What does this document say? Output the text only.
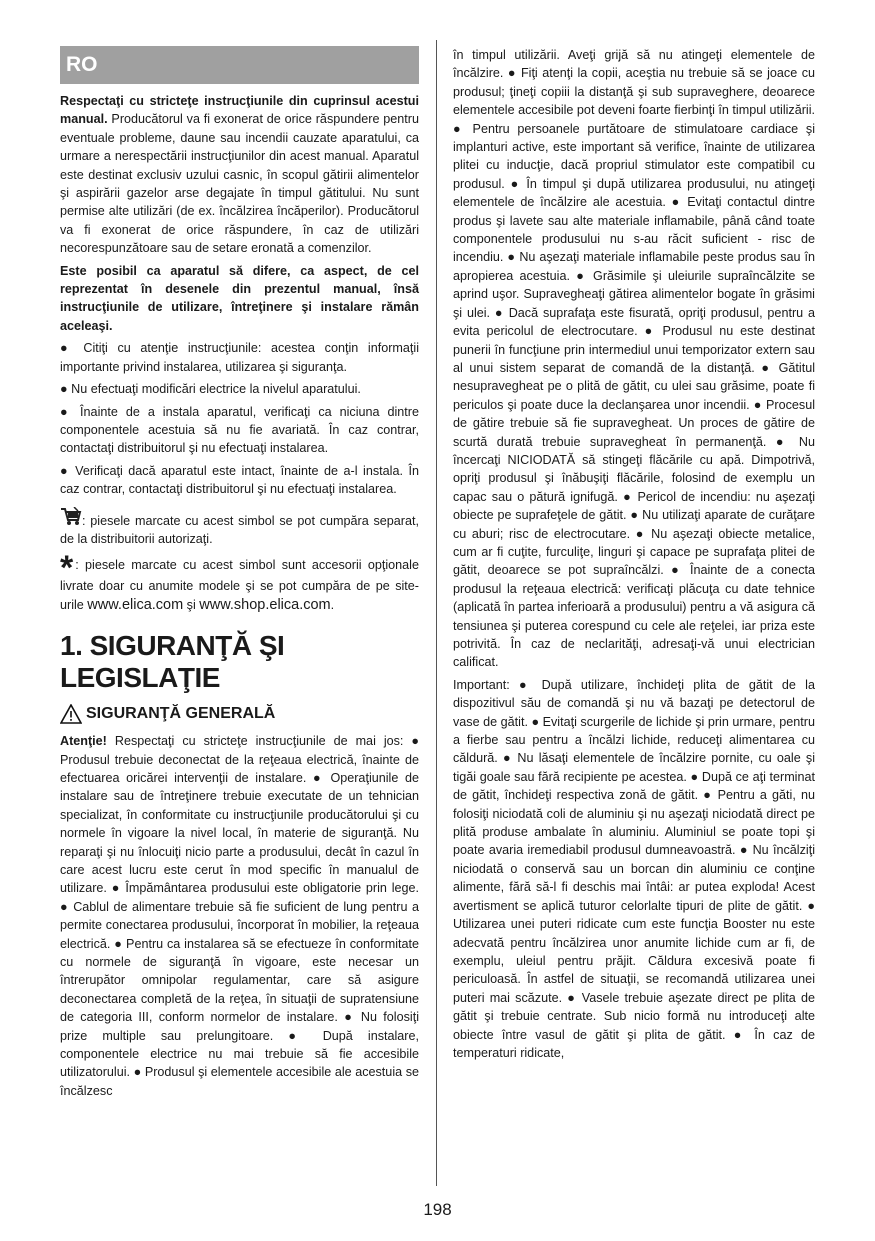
RO

Respectaţi cu stricteţe instrucţiunile din cuprinsul acestui manual. Producătorul va fi exonerat de orice răspundere pentru eventuale probleme, daune sau incendii cauzate aparatului, ca urmare a nerespectării instrucţiunilor din acest manual. Aparatul este destinat exclusiv uzului casnic, în scopul gătirii alimentelor şi aspirării gazelor arse degajate în timpul gătitului. Nu sunt permise alte utilizări (de ex. încălzirea încăperilor). Producătorul va fi exonerat de orice răspundere, în caz de utilizări necorespunzătoare sau de setare eronată a comenzilor.

Este posibil ca aparatul să difere, ca aspect, de cel reprezentat în desenele din prezentul manual, însă instrucţiunile de utilizare, întreţinere şi instalare rămân aceleaşi.

● Citiţi cu atenţie instrucţiunile: acestea conţin informaţii importante privind instalarea, utilizarea şi siguranţa.

● Nu efectuaţi modificări electrice la nivelul aparatului.

● Înainte de a instala aparatul, verificaţi ca niciuna dintre componentele acestuia să nu fie avariată. În caz contrar, contactaţi distribuitorul şi nu efectuaţi instalarea.

● Verificaţi dacă aparatul este intact, înainte de a-l instala. În caz contrar, contactaţi distribuitorul şi nu efectuaţi instalarea.

: piesele marcate cu acest simbol se pot cumpăra separat, de la distribuitorii autorizaţi.

* : piesele marcate cu acest simbol sunt accesorii opţionale livrate doar cu anumite modele şi se pot cumpăra de pe site-urile www.elica.com şi www.shop.elica.com.

1. SIGURANŢĂ ŞI LEGISLAŢIE
SIGURANŢĂ GENERALĂ

Atenţie! Respectaţi cu stricteţe instrucţiunile de mai jos: ● Produsul trebuie deconectat de la reţeaua electrică, înainte de efectuarea oricărei intervenţii de instalare. ● Operaţiunile de instalare sau de întreţinere trebuie executate de un tehnician specializat, în conformitate cu instrucţiunile producătorului şi cu normele în vigoare la nivel local, în materie de siguranţă. Nu reparaţi şi nu înlocuiţi nicio parte a produsului, decât în cazul în care acest lucru este cerut în mod specific în manualul de utilizare. ● Împământarea produsului este obligatorie prin lege. ● Cablul de alimentare trebuie să fie suficient de lung pentru a permite conectarea produsului, încorporat în mobilier, la reţeaua electrică. ● Pentru ca instalarea să se efectueze în conformitate cu normele de siguranţă în vigoare, este necesar un întrerupător omnipolar regulamentar, care să asigure deconectarea completă de la reţea, în situaţii de supratensiune de categoria III, conform normelor de instalare. ● Nu folosiţi prize multiple sau prelungitoare. ● După instalare, componentele electrice nu mai trebuie să fie accesibile utilizatorului. ● Produsul şi elementele accesibile ale acestuia se încălzesc

în timpul utilizării. Aveţi grijă să nu atingeţi elementele de încălzire. ● Fiţi atenţi la copii, aceştia nu trebuie să se joace cu produsul; ţineţi copiii la distanţă şi sub supraveghere, deoarece elementele accesibile pot deveni foarte fierbinţi în timpul utilizării. ● Pentru persoanele purtătoare de stimulatoare cardiace şi implanturi active, este important să verifice, înainte de utilizarea plitei cu inducţie, dacă propriul stimulator este compatibil cu produsul. ● În timpul şi după utilizarea produsului, nu atingeţi elementele de încălzire ale acestuia. ● Evitaţi contactul dintre produs şi lavete sau alte materiale inflamabile, până când toate componentele produsului nu s-au răcit suficient - risc de incendiu. ● Nu aşezaţi materiale inflamabile peste produs sau în apropierea acestuia. ● Grăsimile şi uleiurile supraîncălzite se aprind uşor. Supravegheaţi gătirea alimentelor bogate în grăsimi şi ulei. ● Dacă suprafaţa este fisurată, opriţi produsul, pentru a evita pericolul de electrocutare. ● Produsul nu este destinat punerii în funcţiune prin intermediul unui temporizator extern sau al unui sistem separat de comandă de la distanţă. ● Gătitul nesupravegheat pe o plită de gătit, cu ulei sau grăsime, poate fi periculos şi poate duce la declanşarea unor incendii. ● Procesul de gătire trebuie să fie supravegheat. Un proces de gătire de scurtă durată trebuie supravegheat în permanenţă. ● Nu încercaţi NICIODATĂ să stingeţi flăcările cu apă. Dimpotrivă, opriţi produsul şi înăbuşiţi flăcările, folosind de exemplu un capac sau o pătură ignifugă. ● Pericol de incendiu: nu aşezaţi obiecte pe suprafeţele de gătit. ● Nu utilizaţi aparate de curăţare cu aburi; risc de electrocutare. ● Nu aşezaţi obiecte metalice, cum ar fi cuţite, furculiţe, linguri şi capace pe suprafaţa plitei de gătit, deoarece se pot supraîncălzi. ● Înainte de a conecta produsul la reţeaua electrică: verificaţi plăcuţa cu date tehnice (aplicată în partea inferioară a produsului) pentru a vă asigura că tensiunea şi puterea corespund cu cele ale reţelei, iar priza este potrivită. În caz de neclarităţi, adresaţi-vă unui electrician calificat.

Important: ● După utilizare, închideţi plita de gătit de la dispozitivul său de comandă şi nu vă bazaţi pe detectorul de vase de gătit. ● Evitaţi scurgerile de lichide şi prin urmare, pentru a fierbe sau pentru a încălzi lichide, reduceţi alimentarea cu căldură. ● Nu lăsaţi elementele de încălzire pornite, cu oale şi tigăi goale sau fără recipiente pe acestea. ● După ce aţi terminat de gătit, închideţi respectiva zonă de gătit. ● Pentru a găti, nu folosiţi niciodată coli de aluminiu şi nu aşezaţi niciodată direct pe plită produse ambalate în aluminiu. Aluminiul se poate topi şi poate avaria iremediabil produsul dumneavoastră. ● Nu încălziţi niciodată o conservă sau un borcan din aluminiu ce conţine alimente, fără să-l fi deschis mai întâi: ar putea exploda! Acest avertisment se aplică tuturor celorlalte tipuri de plite de gătit. ● Utilizarea unei puteri ridicate cum este funcţia Booster nu este adecvată pentru încălzirea unor anumite lichide cum ar fi, de exemplu, uleiul pentru prăjit. Căldura excesivă poate fi periculoasă. În astfel de situaţii, se recomandă utilizarea unei puteri mai scăzute. ● Vasele trebuie aşezate direct pe plita de gătit şi trebuie centrate. Sub nicio formă nu introduceţi alte obiecte între vasul de gătit şi plita de gătit. ● În caz de temperaturi ridicate,

198
